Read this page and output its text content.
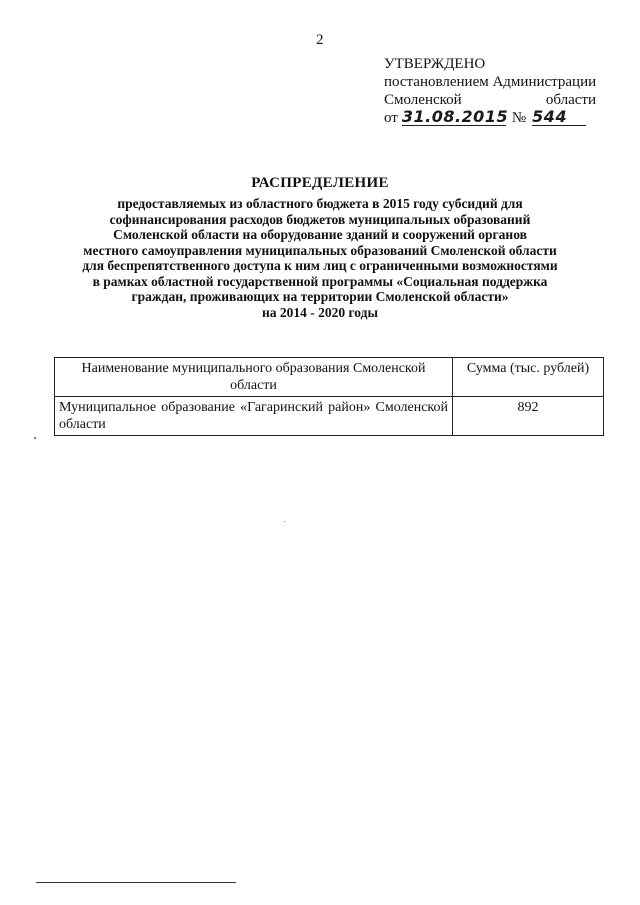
2
УТВЕРЖДЕНО
постановлением Администрации
Смоленской	области
от 31.08.2015 № 544
РАСПРЕДЕЛЕНИЕ
предоставляемых из областного бюджета в 2015 году субсидий для
софинансирования расходов бюджетов муниципальных образований
Смоленской области на оборудование зданий и сооружений органов
местного самоуправления муниципальных образований Смоленской области
для беспрепятственного доступа к ним лиц с ограниченными возможностями
в рамках областной государственной программы «Социальная поддержка
граждан, проживающих на территории Смоленской области»
на 2014 - 2020 годы
Наименование муниципального образования Смоленской области	Сумма (тыс. рублей)
Муниципальное образование «Гагаринский район» Смоленской области	892
